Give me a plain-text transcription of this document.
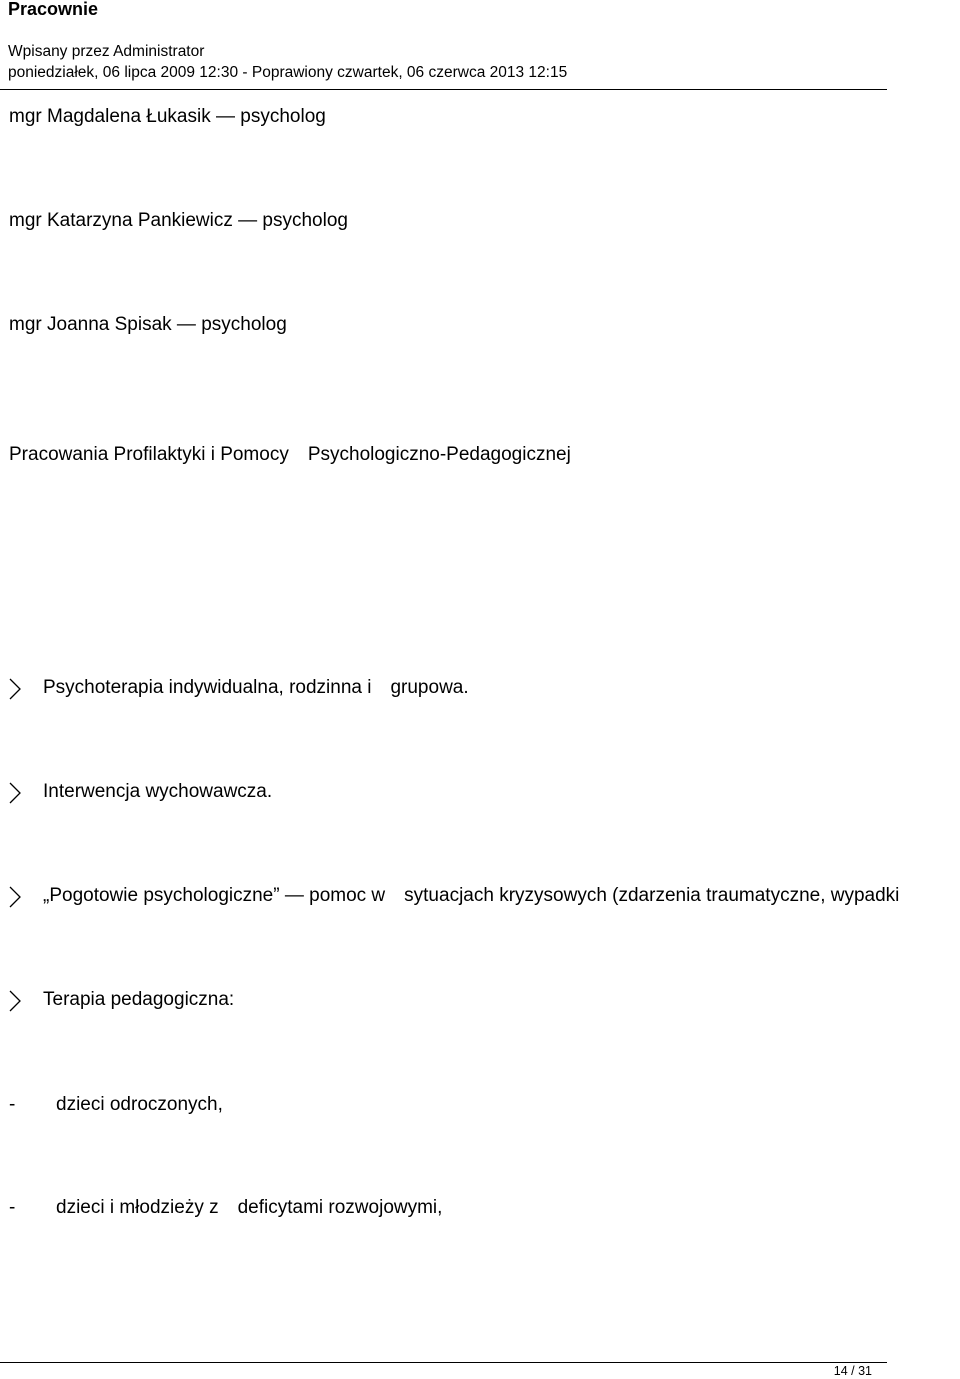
Pracownie
Wpisany przez Administrator
poniedziałek, 06 lipca 2009 12:30 - Poprawiony czwartek, 06 czerwca 2013 12:15
mgr Magdalena Łukasik — psycholog
mgr Katarzyna Pankiewicz — psycholog
mgr Joanna Spisak — psycholog
Pracowania Profilaktyki i Pomocy Psychologiczno-Pedagogicznej
Psychoterapia indywidualna, rodzinna i grupowa.
Interwencja wychowawcza.
„Pogotowie psychologiczne” — pomoc w sytuacjach kryzysowych (zdarzenia traumatyczne, wypadki
Terapia pedagogiczna:
- dzieci odroczonych,
- dzieci i młodzieży z deficytami rozwojowymi,
14 / 31
